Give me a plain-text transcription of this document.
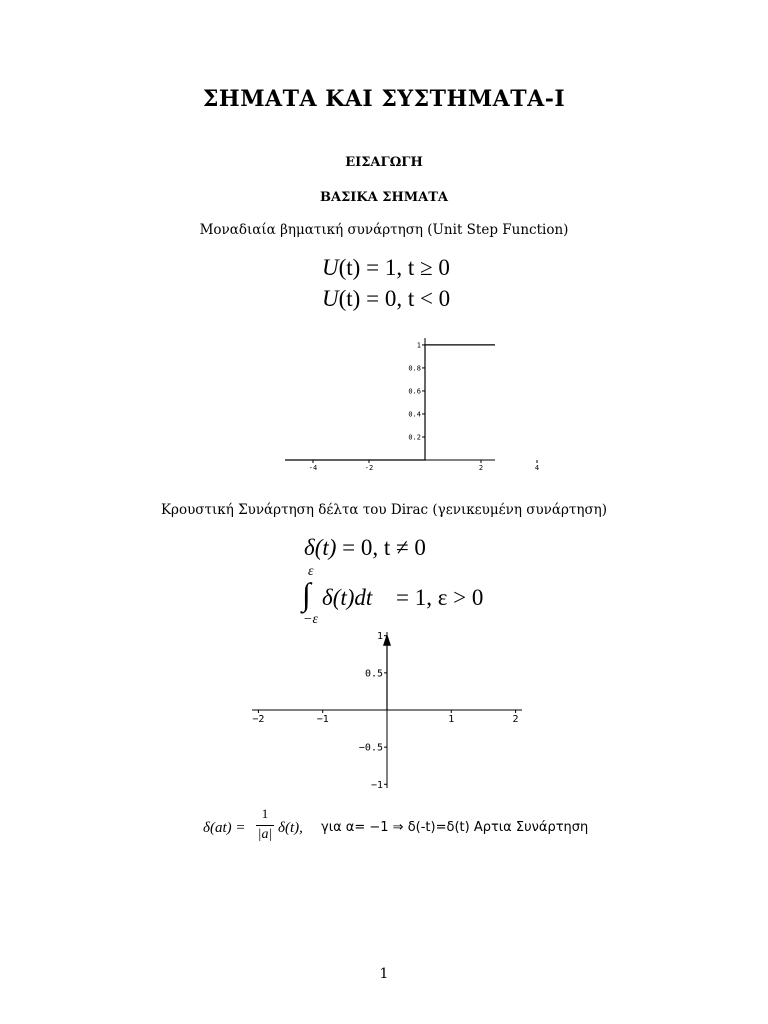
ΣΗΜΑΤΑ ΚΑΙ ΣΥΣΤΗΜΑΤΑ-Ι
ΕΙΣΑΓΩΓΗ
ΒΑΣΙΚΑ ΣΗΜΑΤΑ
Μοναδιαία βηματική συνάρτηση (Unit Step Function)
U(t) = 1, t ≥ 0
U(t) = 0, t < 0
-4	-2	2	4
0.2
0.4
0.6
0.8
1
Κρουστική Συνάρτηση δέλτα του Dirac (γενικευμένη συνάρτηση)
δ(t) = 0, t ≠ 0
ε
∫
−ε
δ(t)dt = 1, ε > 0
−2	−1	1	2
1
0.5
−0.5
−1
δ(at) =
1
|a| δ(t), για α= −1 ⇒ δ(-t)=δ(t) Αρτια Συνάρτηση
1
